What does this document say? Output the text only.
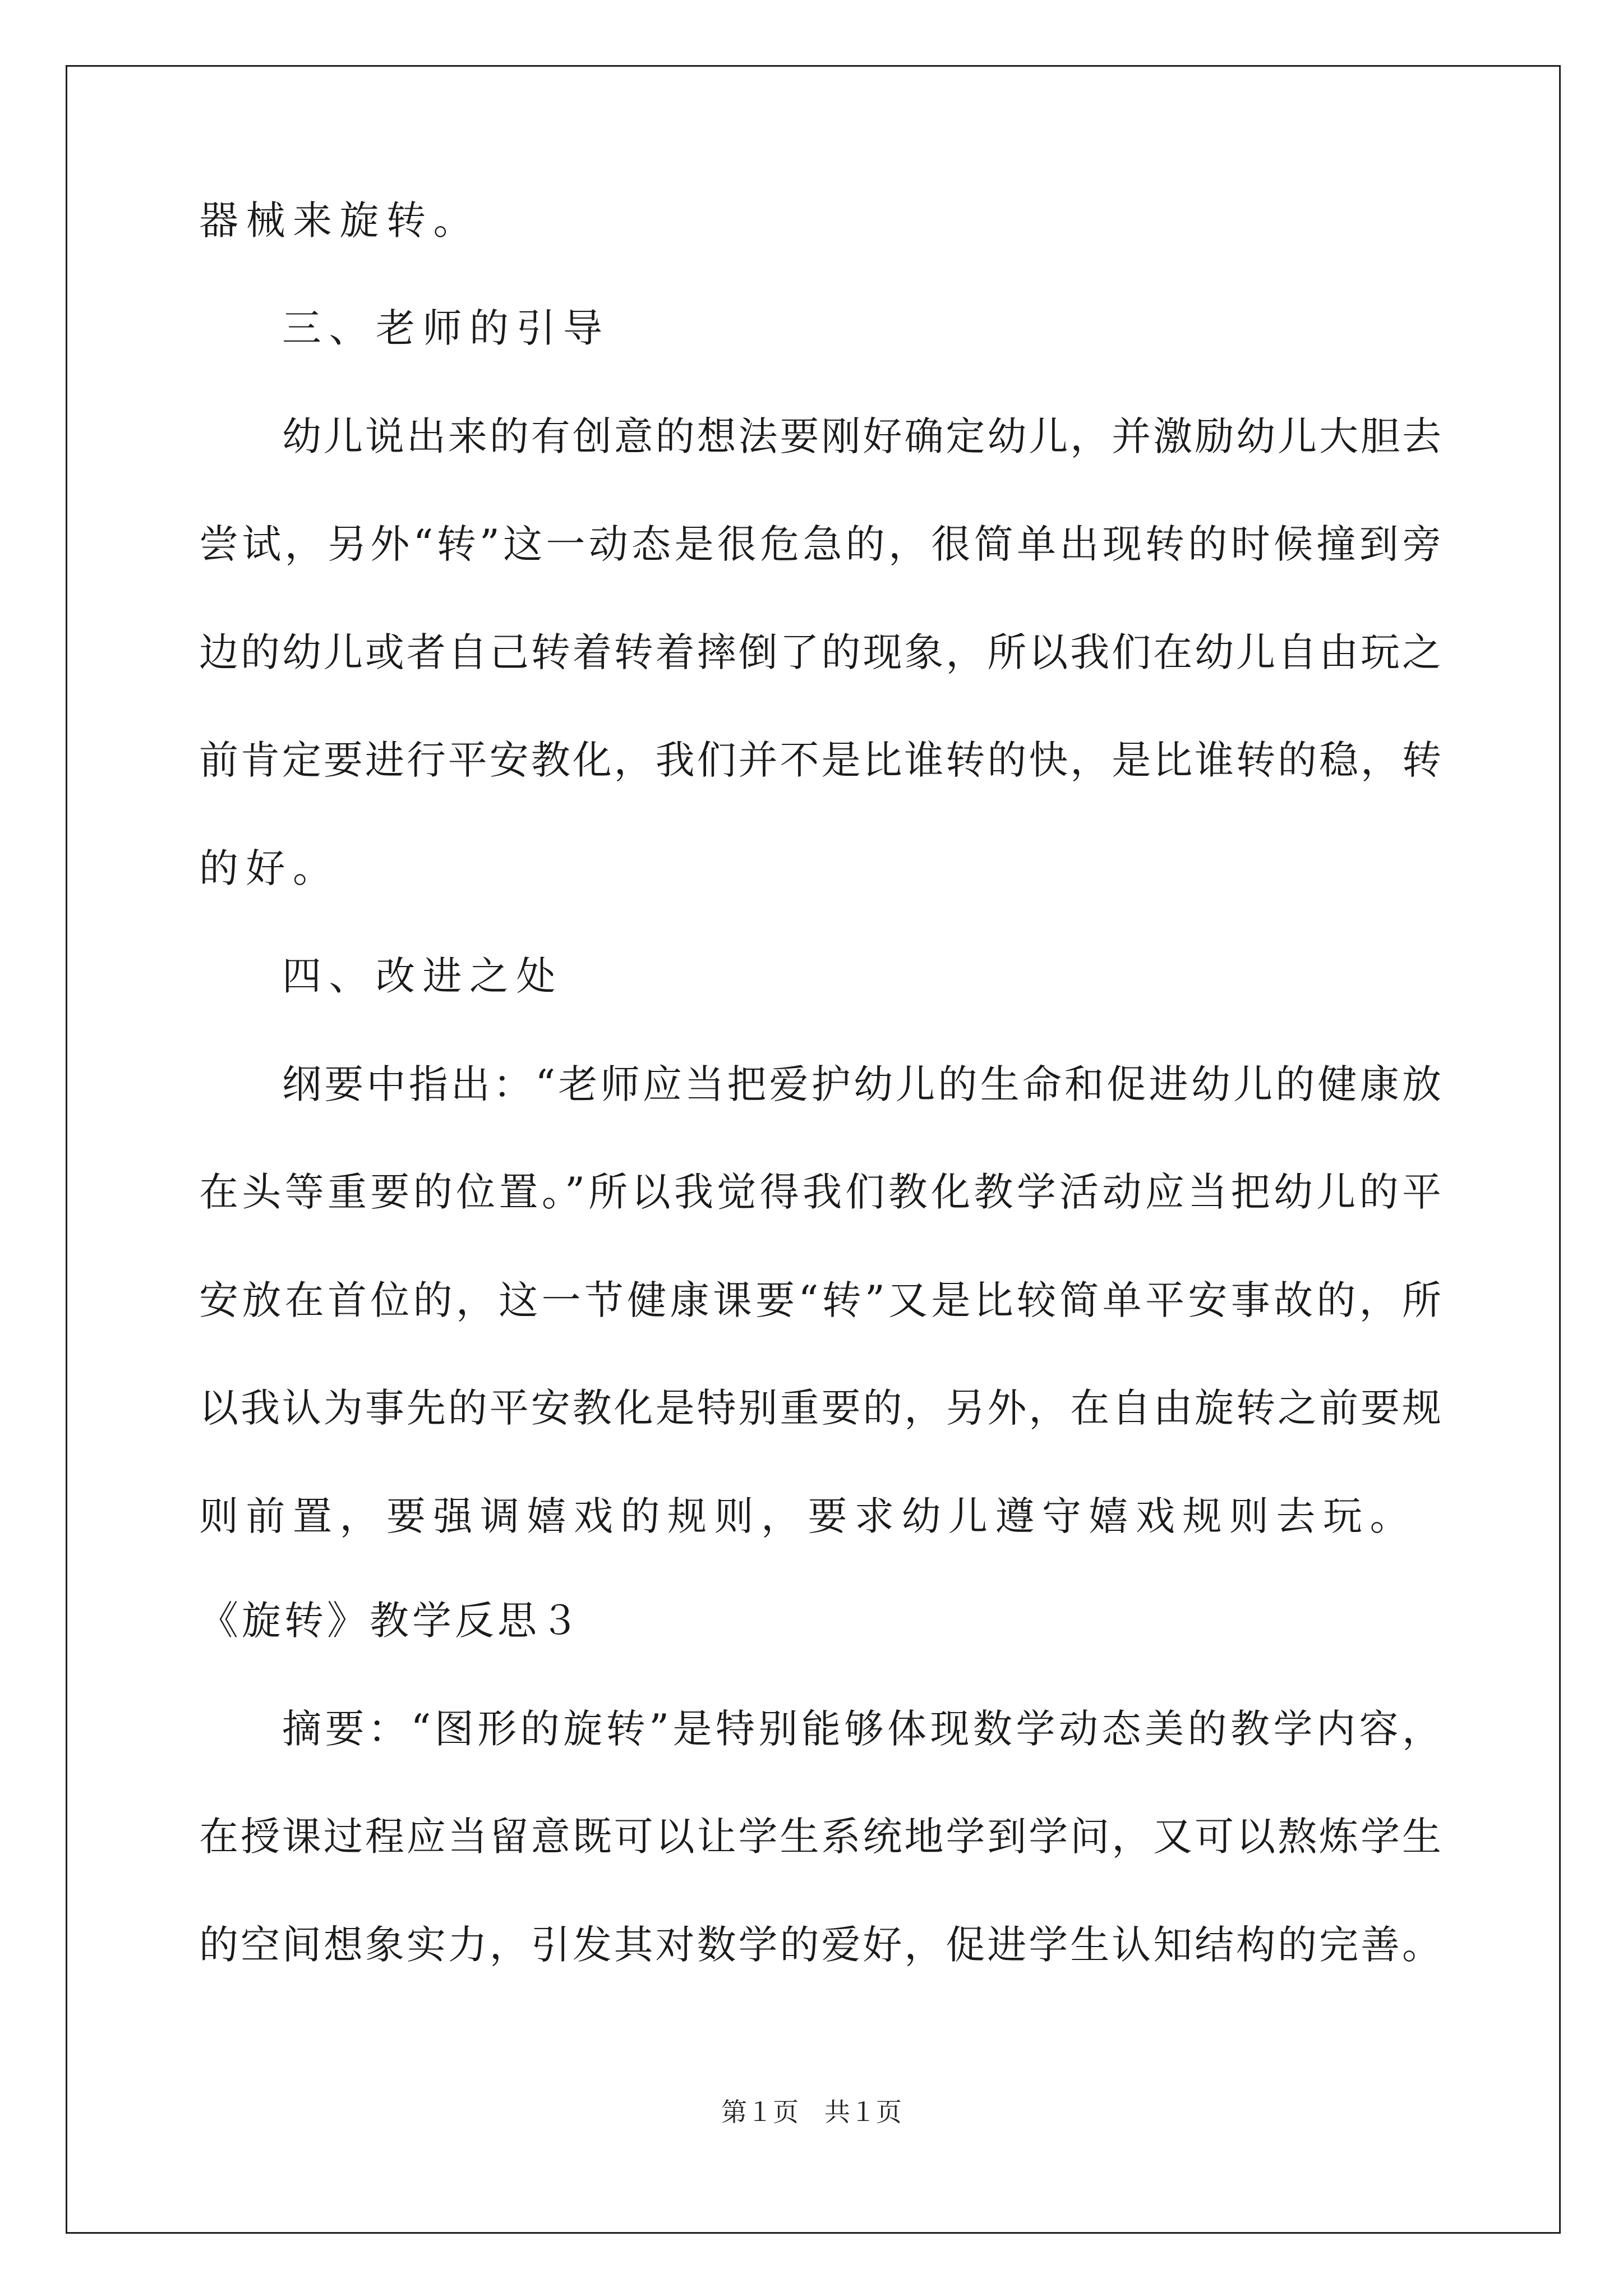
器械来旋转。
三、老师的引导
幼儿说出来的有创意的想法要刚好确定幼儿，并激励幼儿大胆去
尝试，另外“转”这一动态是很危急的，很简单出现转的时候撞到旁
边的幼儿或者自己转着转着摔倒了的现象，所以我们在幼儿自由玩之
前肯定要进行平安教化，我们并不是比谁转的快，是比谁转的稳，转
的好。
四、改进之处
纲要中指出：“老师应当把爱护幼儿的生命和促进幼儿的健康放
在头等重要的位置。”所以我觉得我们教化教学活动应当把幼儿的平
安放在首位的，这一节健康课要“转”又是比较简单平安事故的，所
以我认为事先的平安教化是特别重要的，另外，在自由旋转之前要规
则前置，要强调嬉戏的规则，要求幼儿遵守嬉戏规则去玩。
《旋转》教学反思３
摘要：“图形的旋转”是特别能够体现数学动态美的教学内容，
在授课过程应当留意既可以让学生系统地学到学问，又可以熬炼学生
的空间想象实力，引发其对数学的爱好，促进学生认知结构的完善。
第１页　共１页
